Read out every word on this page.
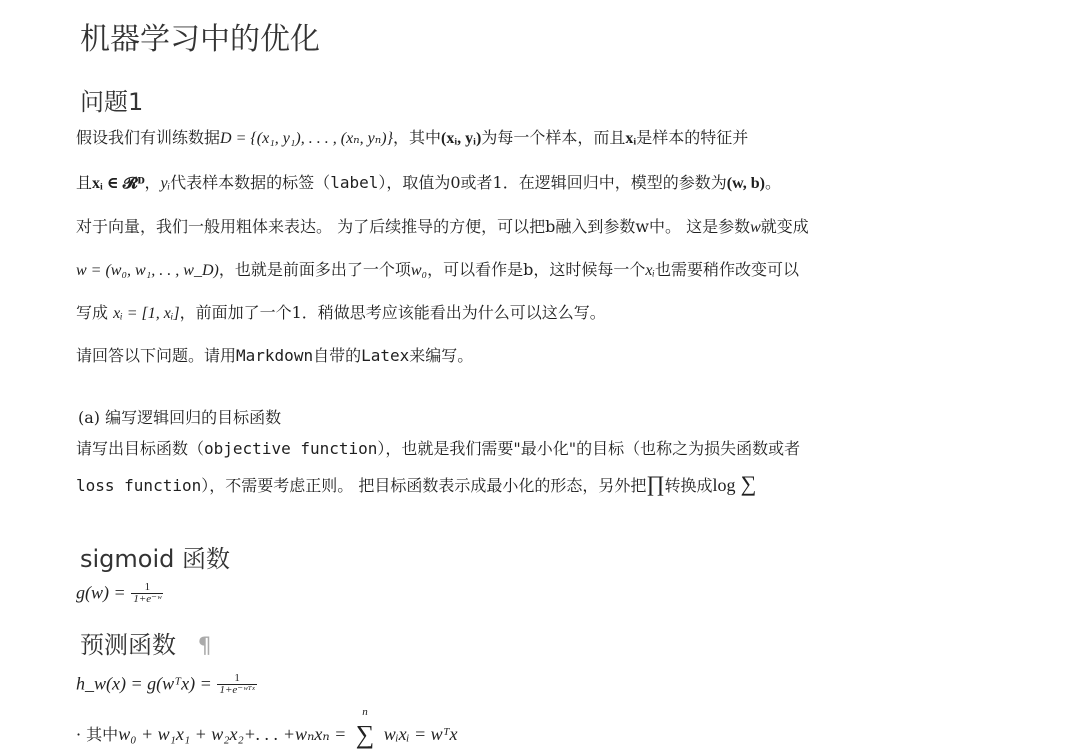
机器学习中的优化
问题1
假设我们有训练数据D = {(x₁, y₁), . . . , (xₙ, yₙ)}，其中(xᵢ, yᵢ)为每一个样本，而且xᵢ是样本的特征并
且xᵢ ∈ 𝓡ᴰ，yᵢ代表样本数据的标签（label），取值为0或者1．在逻辑回归中，模型的参数为(w, b)。
对于向量，我们一般用粗体来表达。 为了后续推导的方便，可以把b融入到参数w中。 这是参数w就变成
w = (w₀, w₁, . . , w_D)，也就是前面多出了一个项w₀，可以看作是b，这时候每一个xᵢ也需要稍作改变可以
写成 xᵢ = [1, xᵢ]，前面加了一个1．稍做思考应该能看出为什么可以这么写。
请回答以下问题。请用Markdown自带的Latex来编写。
(a) 编写逻辑回归的目标函数
请写出目标函数（objective function），也就是我们需要"最小化"的目标（也称之为损失函数或者
loss function），不需要考虑正则。 把目标函数表示成最小化的形态，另外把∏转换成log ∑
sigmoid 函数
$g(w) = \frac{1}{\text{1+e⁻ʷ}}$
预测函数 ¶
h_w(x) = g(wᵀx) = $\frac{1}{\text{1+e⁻ʷᵀˣ}}$
· 其中w₀ + w₁x₁ + w₂x₂+. . . +wₙxₙ =
n
∑ wᵢxᵢ = wᵀx
